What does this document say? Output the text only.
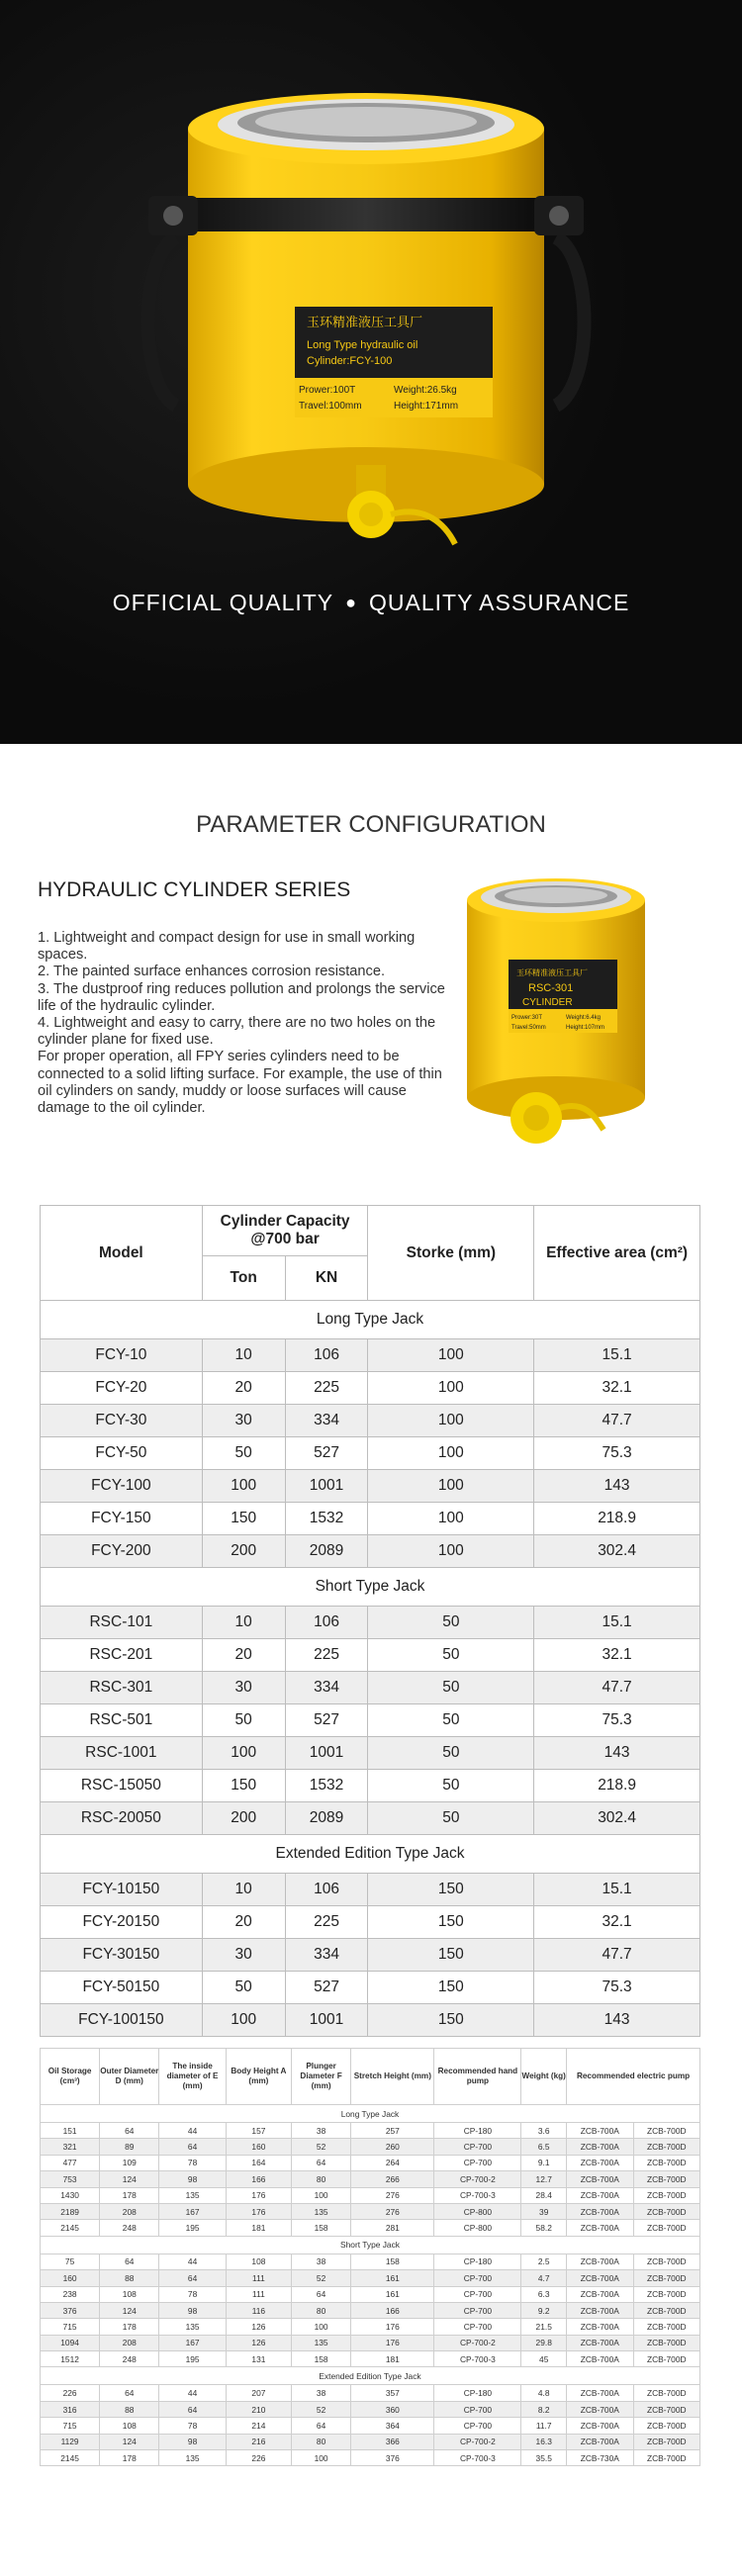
玉环精准液压工具厂
Long Type hydraulic oil
Cylinder:FCY-100
Prower:100T	Weight:26.5kg
Travel:100mm	Height:171mm
OFFICIAL QUALITY ● QUALITY ASSURANCE
PARAMETER CONFIGURATION
HYDRAULIC CYLINDER SERIES

1. Lightweight and compact design for use in small working spaces.

2. The painted surface enhances corrosion resistance.

3. The dustproof ring reduces pollution and prolongs the service life of the hydraulic cylinder.

4. Lightweight and easy to carry, there are no two holes on the cylinder plane for fixed use.

For proper operation, all FPY series cylinders need to be connected to a solid lifting surface. For example, the use of thin oil cylinders on sandy, muddy or loose surfaces will cause damage to the oil cylinder.

玉环精准液压工具厂
RSC-301
CYLINDER
Prower:30T	Weight:6.4kg
Travel:50mm	Height:107mm
Model	Cylinder Capacity @700 bar		Storke (mm)	Effective area (cm²)
	Ton	KN		
Long Type Jack				
FCY-10	10	106	100	15.1
FCY-20	20	225	100	32.1
FCY-30	30	334	100	47.7
FCY-50	50	527	100	75.3
FCY-100	100	1001	100	143
FCY-150	150	1532	100	218.9
FCY-200	200	2089	100	302.4
Short Type Jack				
RSC-101	10	106	50	15.1
RSC-201	20	225	50	32.1
RSC-301	30	334	50	47.7
RSC-501	50	527	50	75.3
RSC-1001	100	1001	50	143
RSC-15050	150	1532	50	218.9
RSC-20050	200	2089	50	302.4
Extended Edition Type Jack				
FCY-10150	10	106	150	15.1
FCY-20150	20	225	150	32.1
FCY-30150	30	334	150	47.7
FCY-50150	50	527	150	75.3
FCY-100150	100	1001	150	143
Oil Storage (cm³)	Outer Diameter D (mm)	The inside diameter of E (mm)	Body Height A (mm)	Plunger Diameter F (mm)	Stretch Height (mm)	Recommended hand pump	Weight (kg)	Recommended electric pump	
Long Type Jack									
151	64	44	157	38	257	CP-180	3.6	ZCB-700A	ZCB-700D
321	89	64	160	52	260	CP-700	6.5	ZCB-700A	ZCB-700D
477	109	78	164	64	264	CP-700	9.1	ZCB-700A	ZCB-700D
753	124	98	166	80	266	CP-700-2	12.7	ZCB-700A	ZCB-700D
1430	178	135	176	100	276	CP-700-3	28.4	ZCB-700A	ZCB-700D
2189	208	167	176	135	276	CP-800	39	ZCB-700A	ZCB-700D
2145	248	195	181	158	281	CP-800	58.2	ZCB-700A	ZCB-700D
Short Type Jack									
75	64	44	108	38	158	CP-180	2.5	ZCB-700A	ZCB-700D
160	88	64	111	52	161	CP-700	4.7	ZCB-700A	ZCB-700D
238	108	78	111	64	161	CP-700	6.3	ZCB-700A	ZCB-700D
376	124	98	116	80	166	CP-700	9.2	ZCB-700A	ZCB-700D
715	178	135	126	100	176	CP-700	21.5	ZCB-700A	ZCB-700D
1094	208	167	126	135	176	CP-700-2	29.8	ZCB-700A	ZCB-700D
1512	248	195	131	158	181	CP-700-3	45	ZCB-700A	ZCB-700D
Extended Edition Type Jack									
226	64	44	207	38	357	CP-180	4.8	ZCB-700A	ZCB-700D
316	88	64	210	52	360	CP-700	8.2	ZCB-700A	ZCB-700D
715	108	78	214	64	364	CP-700	11.7	ZCB-700A	ZCB-700D
1129	124	98	216	80	366	CP-700-2	16.3	ZCB-700A	ZCB-700D
2145	178	135	226	100	376	CP-700-3	35.5	ZCB-730A	ZCB-700D
